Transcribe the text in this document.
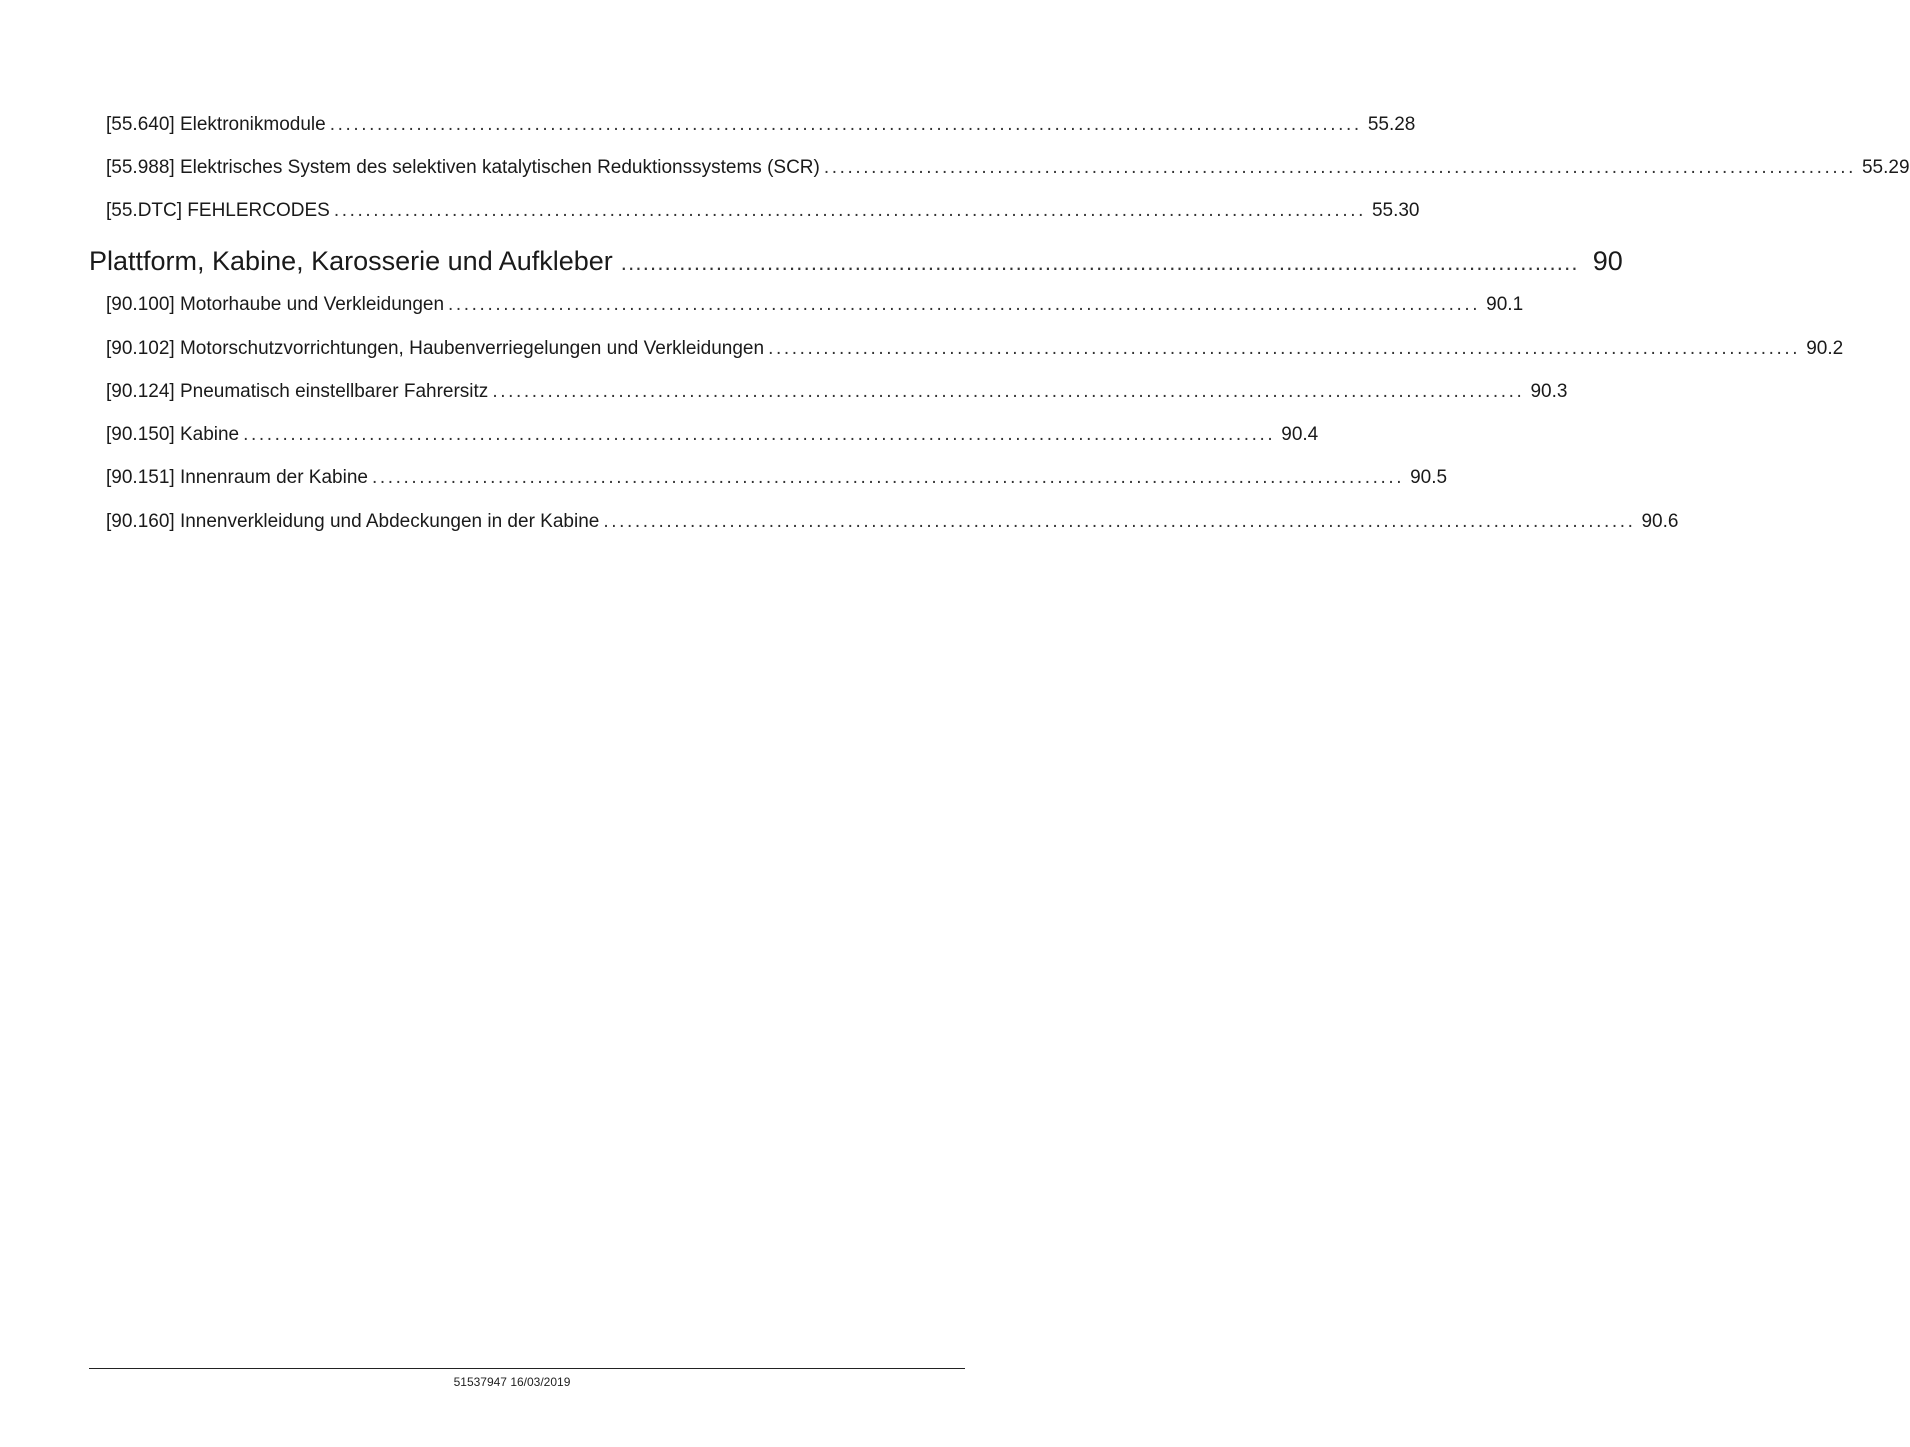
[55.640] Elektronikmodule ................................................................................................................................... 55.28
[55.988] Elektrisches System des selektiven katalytischen Reduktionssystems (SCR) ................................................................................................................................... 55.29
[55.DTC] FEHLERCODES ................................................................................................................................... 55.30
Plattform, Kabine, Karosserie und Aufkleber ................................................................................................................................... 90
[90.100] Motorhaube und Verkleidungen ................................................................................................................................... 90.1
[90.102] Motorschutzvorrichtungen, Haubenverriegelungen und Verkleidungen ................................................................................................................................... 90.2
[90.124] Pneumatisch einstellbarer Fahrersitz ................................................................................................................................... 90.3
[90.150] Kabine ................................................................................................................................... 90.4
[90.151] Innenraum der Kabine ................................................................................................................................... 90.5
[90.160] Innenverkleidung und Abdeckungen in der Kabine ................................................................................................................................... 90.6
51537947 16/03/2019
